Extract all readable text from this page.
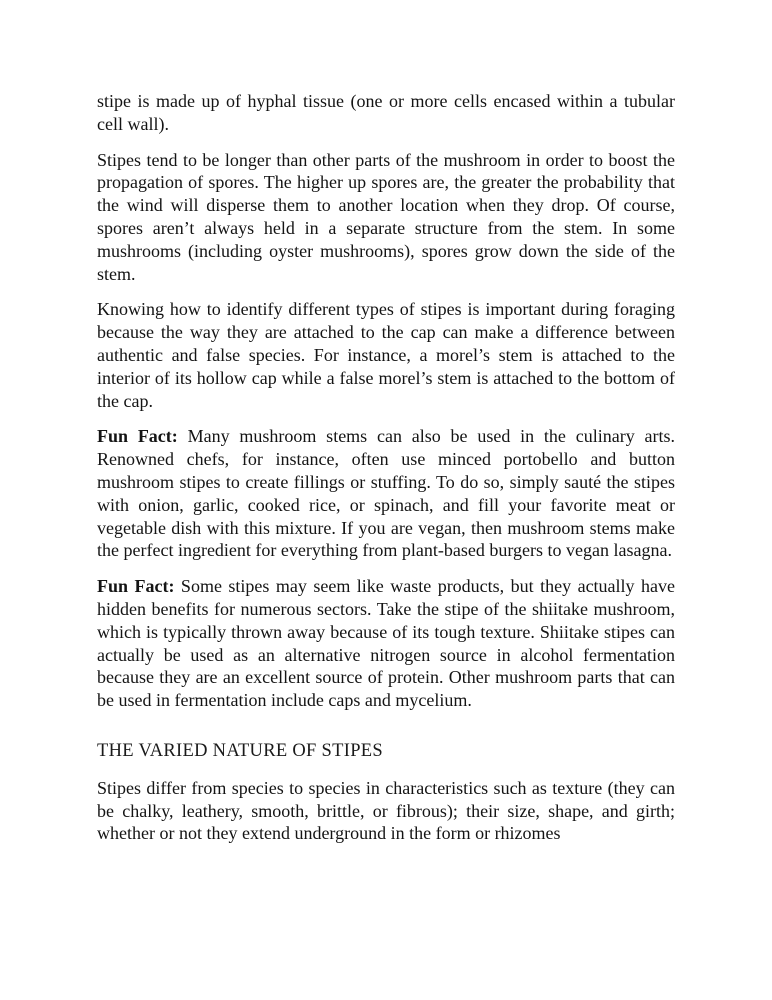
stipe is made up of hyphal tissue (one or more cells encased within a tubular cell wall).

Stipes tend to be longer than other parts of the mushroom in order to boost the propagation of spores. The higher up spores are, the greater the probability that the wind will disperse them to another location when they drop. Of course, spores aren’t always held in a separate structure from the stem. In some mushrooms (including oyster mushrooms), spores grow down the side of the stem.

Knowing how to identify different types of stipes is important during foraging because the way they are attached to the cap can make a difference between authentic and false species. For instance, a morel’s stem is attached to the interior of its hollow cap while a false morel’s stem is attached to the bottom of the cap.

Fun Fact: Many mushroom stems can also be used in the culinary arts. Renowned chefs, for instance, often use minced portobello and button mushroom stipes to create fillings or stuffing. To do so, simply sauté the stipes with onion, garlic, cooked rice, or spinach, and fill your favorite meat or vegetable dish with this mixture. If you are vegan, then mushroom stems make the perfect ingredient for everything from plant-based burgers to vegan lasagna.

Fun Fact: Some stipes may seem like waste products, but they actually have hidden benefits for numerous sectors. Take the stipe of the shiitake mushroom, which is typically thrown away because of its tough texture. Shiitake stipes can actually be used as an alternative nitrogen source in alcohol fermentation because they are an excellent source of protein. Other mushroom parts that can be used in fermentation include caps and mycelium.

THE VARIED NATURE OF STIPES

Stipes differ from species to species in characteristics such as texture (they can be chalky, leathery, smooth, brittle, or fibrous); their size, shape, and girth; whether or not they extend underground in the form or rhizomes
